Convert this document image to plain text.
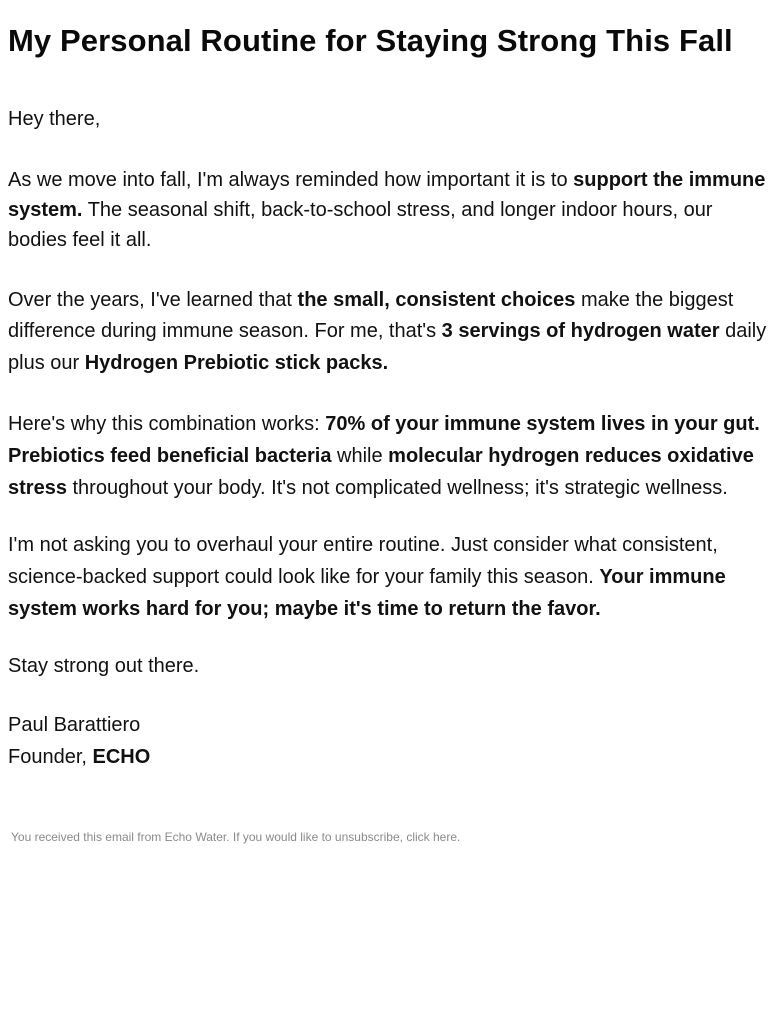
My Personal Routine for Staying Strong This Fall

Hey there,

As we move into fall, I'm always reminded how important it is to support the immune system. The seasonal shift, back-to-school stress, and longer indoor hours, our bodies feel it all.

Over the years, I've learned that the small, consistent choices make the biggest difference during immune season. For me, that's 3 servings of hydrogen water daily plus our Hydrogen Prebiotic stick packs.

Here's why this combination works: 70% of your immune system lives in your gut. Prebiotics feed beneficial bacteria while molecular hydrogen reduces oxidative stress throughout your body. It's not complicated wellness; it's strategic wellness.

I'm not asking you to overhaul your entire routine. Just consider what consistent, science-backed support could look like for your family this season. Your immune system works hard for you; maybe it's time to return the favor.

Stay strong out there.

Paul Barattiero

Founder, ECHO

You received this email from Echo Water. If you would like to unsubscribe, click here.
